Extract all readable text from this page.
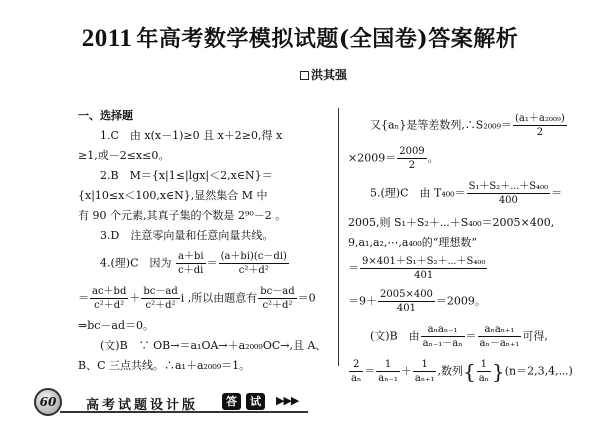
2011 年高考数学模拟试题(全国卷)答案解析
洪其强
一、选择题
1.C　由 x(x－1)≥0 且 x＋2≥0,得 x
≥1,或－2≤x≤0。
2.B　M＝{x|1≤|lgx|＜2,x∈N}＝
{x|10≤x＜100,x∈N},显然集合 M 中
有 90 个元素,其真子集的个数是 2⁹⁰－2 。
3.D　注意零向量和任意向量共线。
4.(理)C　因为 $\frac{a+bi}{c+di} = \frac{(a+bi)(c-di)}{\text{c²＋d²}}$
＝ $\frac{ac+bd}{\text{c²＋d²}} + \frac{bc-ad}{\text{c²＋d²}}$ i ,所以由题意有 $\frac{bc-ad}{\text{c²＋d²}} =0$
⇒bc－ad＝0。
(文)B　∵ OB→＝a₁OA→＋a₂₀₀₉OC→,且 A、
B、C 三点共线。∴a₁＋a₂₀₀₉＝1。
又{aₙ}是等差数列,∴S₂₀₀₉＝ $\frac{\text{(a₁＋a₂₀₀₉)}}{2}$
$\times 2009= \frac{2009}{2}$ 。
5.(理)C　由 $T_{400}= \frac{\text{S₁＋S₂＋⋯＋S₄₀₀}}{400}$ ＝
2005,则 S₁＋S₂＋⋯＋S₄₀₀＝2005×400,
9,a₁,a₂,⋯,a₄₀₀的“理想数”
＝ $\frac{\text{9×401＋S₁＋S₂＋⋯＋S₄₀₀}}{401}$
$=9+ \frac{2005\times 400}{401} =2009$。
(文)B　由 $\frac{\text{aₙaₙ₋₁}}{\text{aₙ₋₁－aₙ}} = \frac{\text{aₙaₙ₊₁}}{\text{aₙ－aₙ₊₁}}$ 可得,
$\frac{2}{\text{aₙ}} = \frac{1}{\text{aₙ₋₁}} + \frac{1}{\text{aₙ₊₁}}$ ,数列{ $\frac{1}{\text{aₙ}}$ }(n＝2,3,4,⋯)
60	高考试题设计版	答	试	▶▶▶
